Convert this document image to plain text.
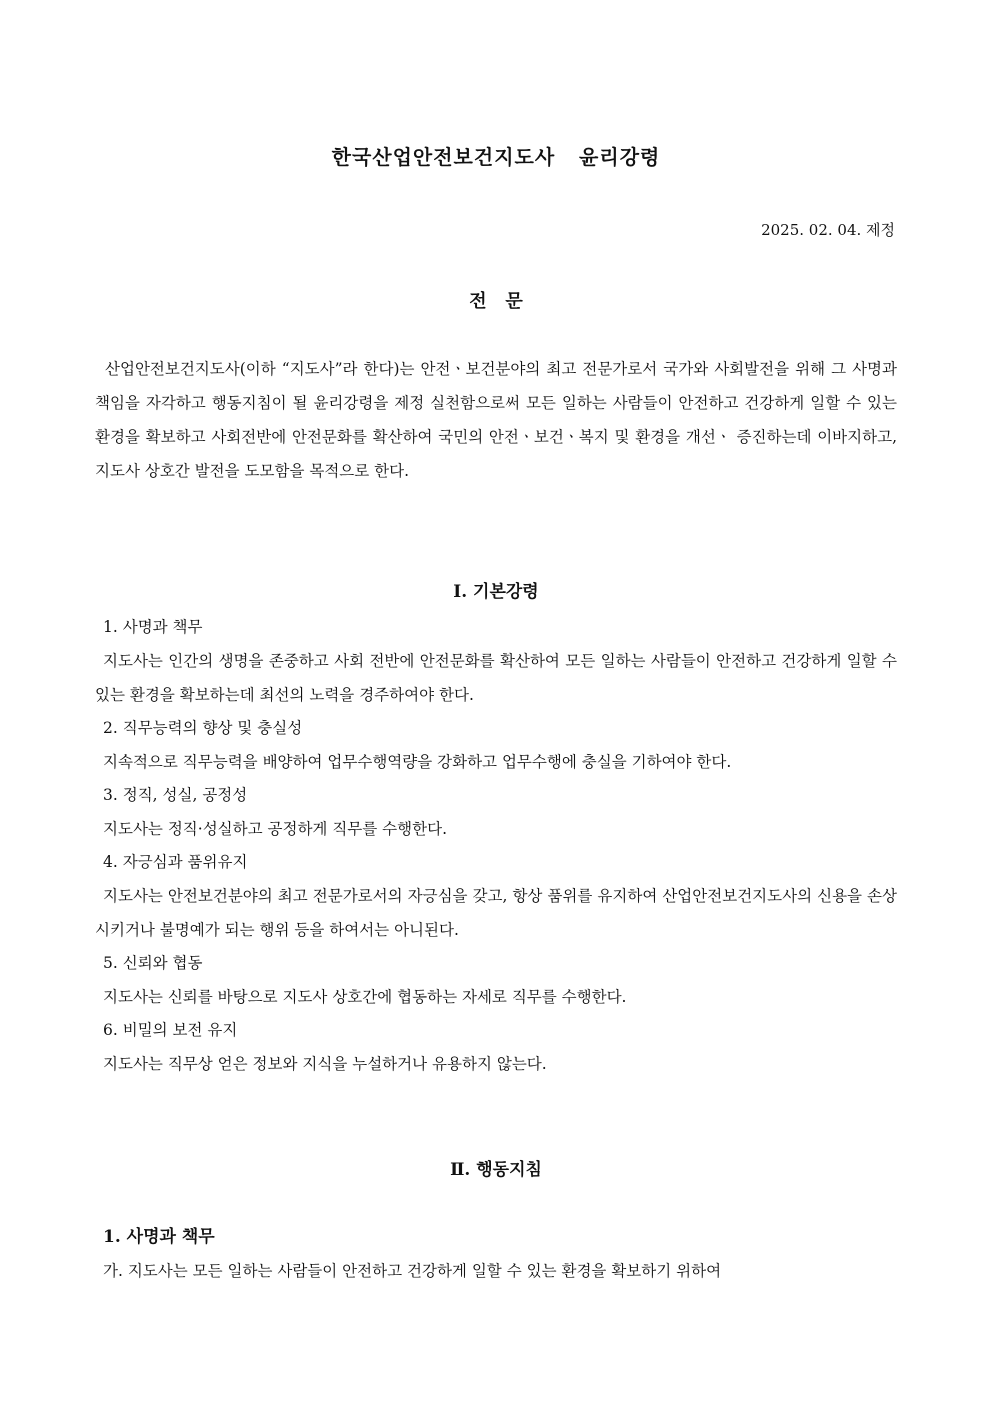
한국산업안전보건지도사   윤리강령
2025. 02. 04. 제정
전   문

산업안전보건지도사(이하 “지도사”라 한다)는 안전ㆍ보건분야의 최고 전문가로서 국가와 사회발전을 위해 그 사명과 책임을 자각하고 행동지침이 될 윤리강령을 제정 실천함으로써 모든 일하는 사람들이 안전하고 건강하게 일할 수 있는 환경을 확보하고 사회전반에 안전문화를 확산하여 국민의 안전ㆍ보건ㆍ복지 및 환경을 개선ㆍ 증진하는데 이바지하고, 지도사 상호간 발전을 도모함을 목적으로 한다.

Ⅰ. 기본강령

1. 사명과 책무

지도사는 인간의 생명을 존중하고 사회 전반에 안전문화를 확산하여 모든 일하는 사람들이 안전하고 건강하게 일할 수 있는 환경을 확보하는데 최선의 노력을 경주하여야 한다.

2. 직무능력의 향상 및 충실성

지속적으로 직무능력을 배양하여 업무수행역량을 강화하고 업무수행에 충실을 기하여야 한다.

3. 정직, 성실, 공정성

지도사는 정직·성실하고 공정하게 직무를 수행한다.

4. 자긍심과 품위유지

지도사는 안전보건분야의 최고 전문가로서의 자긍심을 갖고, 항상 품위를 유지하여 산업안전보건지도사의 신용을 손상시키거나 불명예가 되는 행위 등을 하여서는 아니된다.

5. 신뢰와 협동

지도사는 신뢰를 바탕으로 지도사 상호간에 협동하는 자세로 직무를 수행한다.

6. 비밀의 보전 유지

지도사는 직무상 얻은 정보와 지식을 누설하거나 유용하지 않는다.

Ⅱ. 행동지침
1. 사명과 책무

가. 지도사는 모든 일하는 사람들이 안전하고 건강하게 일할 수 있는 환경을 확보하기 위하여
